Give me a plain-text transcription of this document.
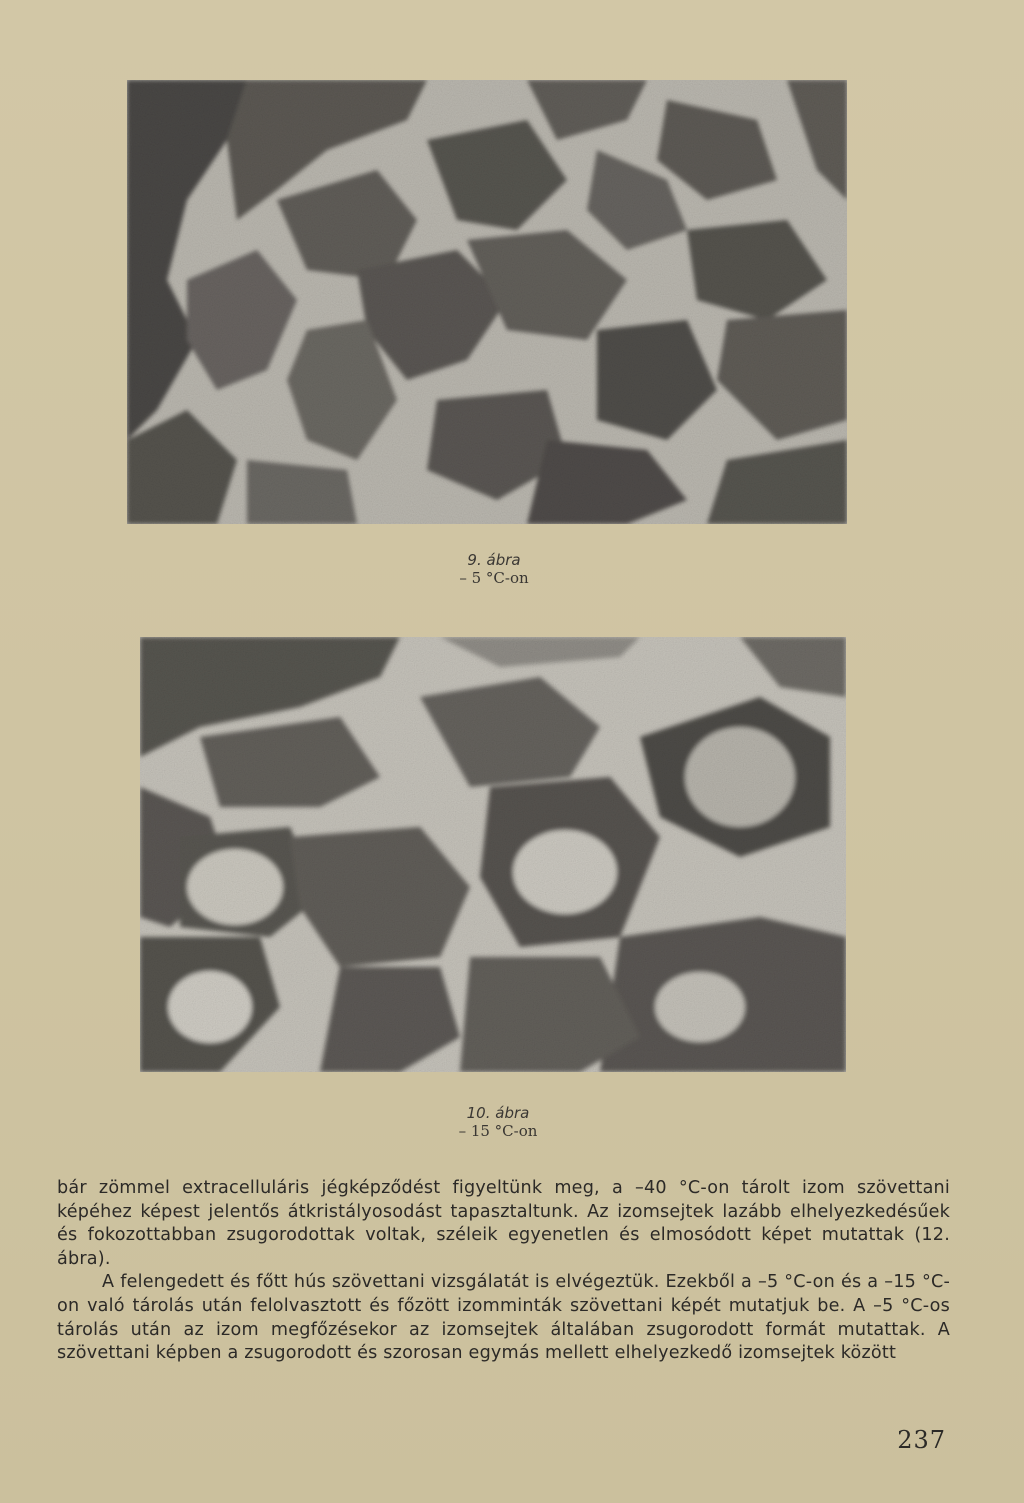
9. ábra
– 5 °C-on
10. ábra
– 15 °C-on

bár zömmel extracelluláris jégképződést figyeltünk meg, a –40 °C-on tárolt izom szövettani képéhez képest jelentős átkristályosodást tapasztaltunk. Az izomsejtek lazább elhelyezkedésűek és fokozottabban zsugorodottak voltak, széleik egyenetlen és elmosódott képet mutattak (12. ábra).

A felengedett és főtt hús szövettani vizsgálatát is elvégeztük. Ezekből a –5 °C-on és a –15 °C-on való tárolás után felolvasztott és főzött izomminták szövettani képét mutatjuk be. A –5 °C-os tárolás után az izom megfőzésekor az izomsejtek általában zsugorodott formát mutattak. A szövettani képben a zsugorodott és szorosan egymás mellett elhelyezkedő izomsejtek között

237
